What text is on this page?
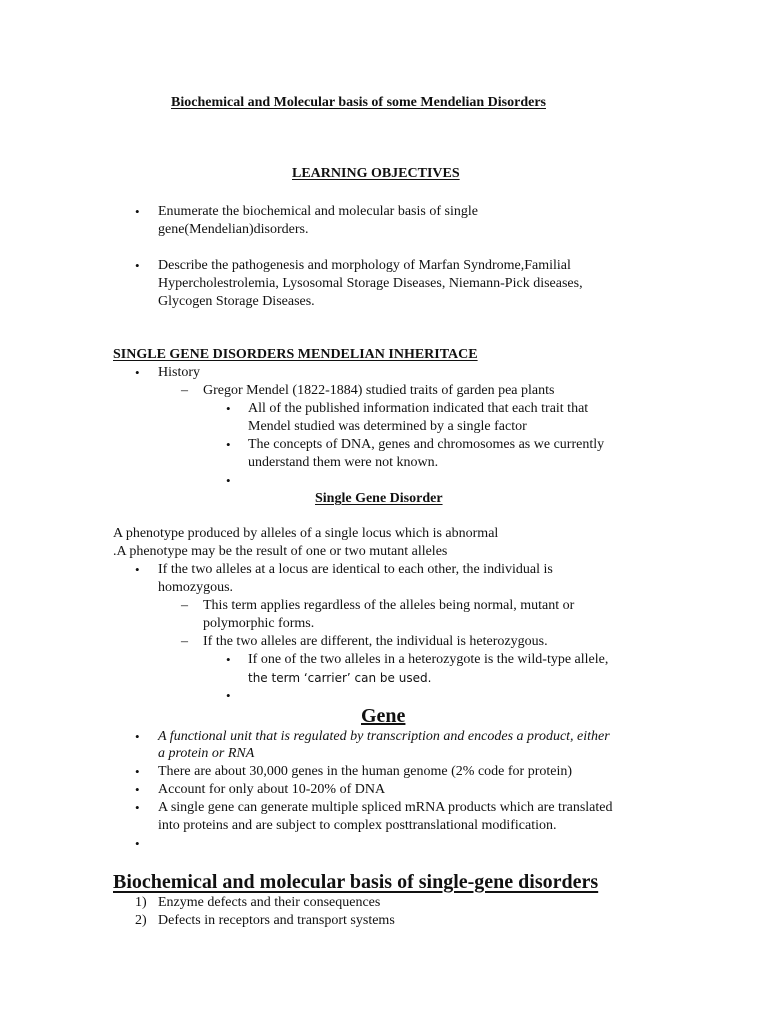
Biochemical and Molecular basis of some Mendelian Disorders
LEARNING OBJECTIVES
• Enumerate the biochemical and molecular basis of single
gene(Mendelian)disorders.
• Describe the pathogenesis and morphology of Marfan Syndrome,Familial
Hypercholestrolemia, Lysosomal Storage Diseases, Niemann-Pick diseases,
Glycogen Storage Diseases.
SINGLE GENE DISORDERS MENDELIAN INHERITACE
• History
– Gregor Mendel (1822-1884) studied traits of garden pea plants
• All of the published information indicated that each trait that
Mendel studied was determined by a single factor
• The concepts of DNA, genes and chromosomes as we currently
understand them were not known.
•
Single Gene Disorder
A phenotype produced by alleles of a single locus which is abnormal
.A phenotype may be the result of one or two mutant alleles
• If the two alleles at a locus are identical to each other, the individual is
homozygous.
– This term applies regardless of the alleles being normal, mutant or
polymorphic forms.
– If the two alleles are different, the individual is heterozygous.
• If one of the two alleles in a heterozygote is the wild-type allele,
the term ‘carrier’ can be used.
•
Gene
• A functional unit that is regulated by transcription and encodes a product, either
a protein or RNA
• There are about 30,000 genes in the human genome (2% code for protein)
• Account for only about 10-20% of DNA
• A single gene can generate multiple spliced mRNA products which are translated
into proteins and are subject to complex posttranslational modification.
•
Biochemical and molecular basis of single-gene disorders
1) Enzyme defects and their consequences
2) Defects in receptors and transport systems
